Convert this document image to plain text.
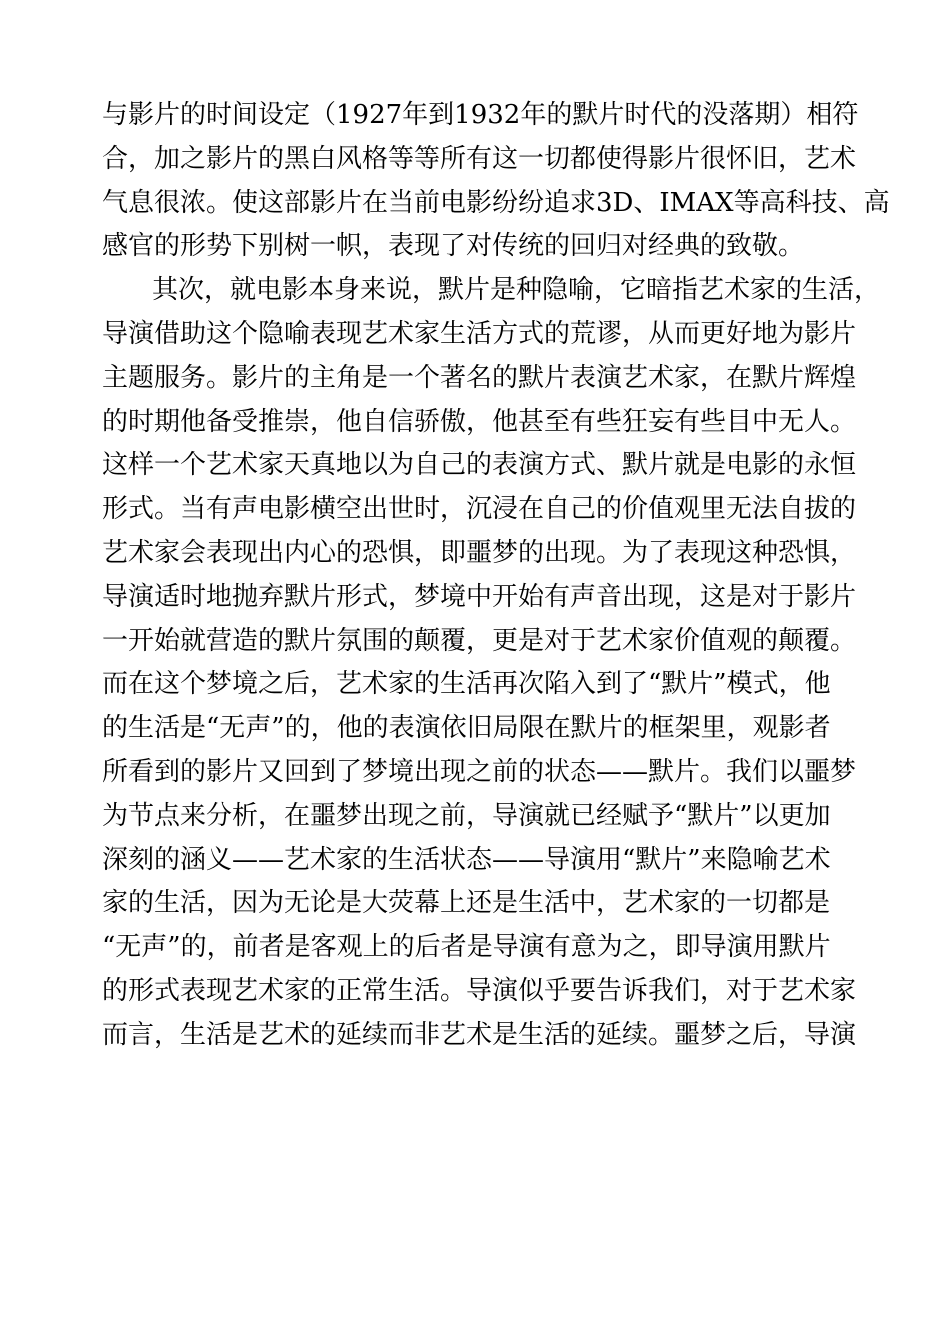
与影片的时间设定（1927年到1932年的默片时代的没落期）相符
合，加之影片的黑白风格等等所有这一切都使得影片很怀旧，艺术
气息很浓。使这部影片在当前电影纷纷追求3D、IMAX等高科技、高
感官的形势下别树一帜，表现了对传统的回归对经典的致敬。
其次，就电影本身来说，默片是种隐喻，它暗指艺术家的生活，
导演借助这个隐喻表现艺术家生活方式的荒谬，从而更好地为影片
主题服务。影片的主角是一个著名的默片表演艺术家，在默片辉煌
的时期他备受推崇，他自信骄傲，他甚至有些狂妄有些目中无人。
这样一个艺术家天真地以为自己的表演方式、默片就是电影的永恒
形式。当有声电影横空出世时，沉浸在自己的价值观里无法自拔的
艺术家会表现出内心的恐惧，即噩梦的出现。为了表现这种恐惧，
导演适时地抛弃默片形式，梦境中开始有声音出现，这是对于影片
一开始就营造的默片氛围的颠覆，更是对于艺术家价值观的颠覆。
而在这个梦境之后，艺术家的生活再次陷入到了“默片”模式，他
的生活是“无声”的，他的表演依旧局限在默片的框架里，观影者
所看到的影片又回到了梦境出现之前的状态——默片。我们以噩梦
为节点来分析，在噩梦出现之前，导演就已经赋予“默片”以更加
深刻的涵义——艺术家的生活状态——导演用“默片”来隐喻艺术
家的生活，因为无论是大荧幕上还是生活中，艺术家的一切都是
“无声”的，前者是客观上的后者是导演有意为之，即导演用默片
的形式表现艺术家的正常生活。导演似乎要告诉我们，对于艺术家
而言，生活是艺术的延续而非艺术是生活的延续。噩梦之后，导演
